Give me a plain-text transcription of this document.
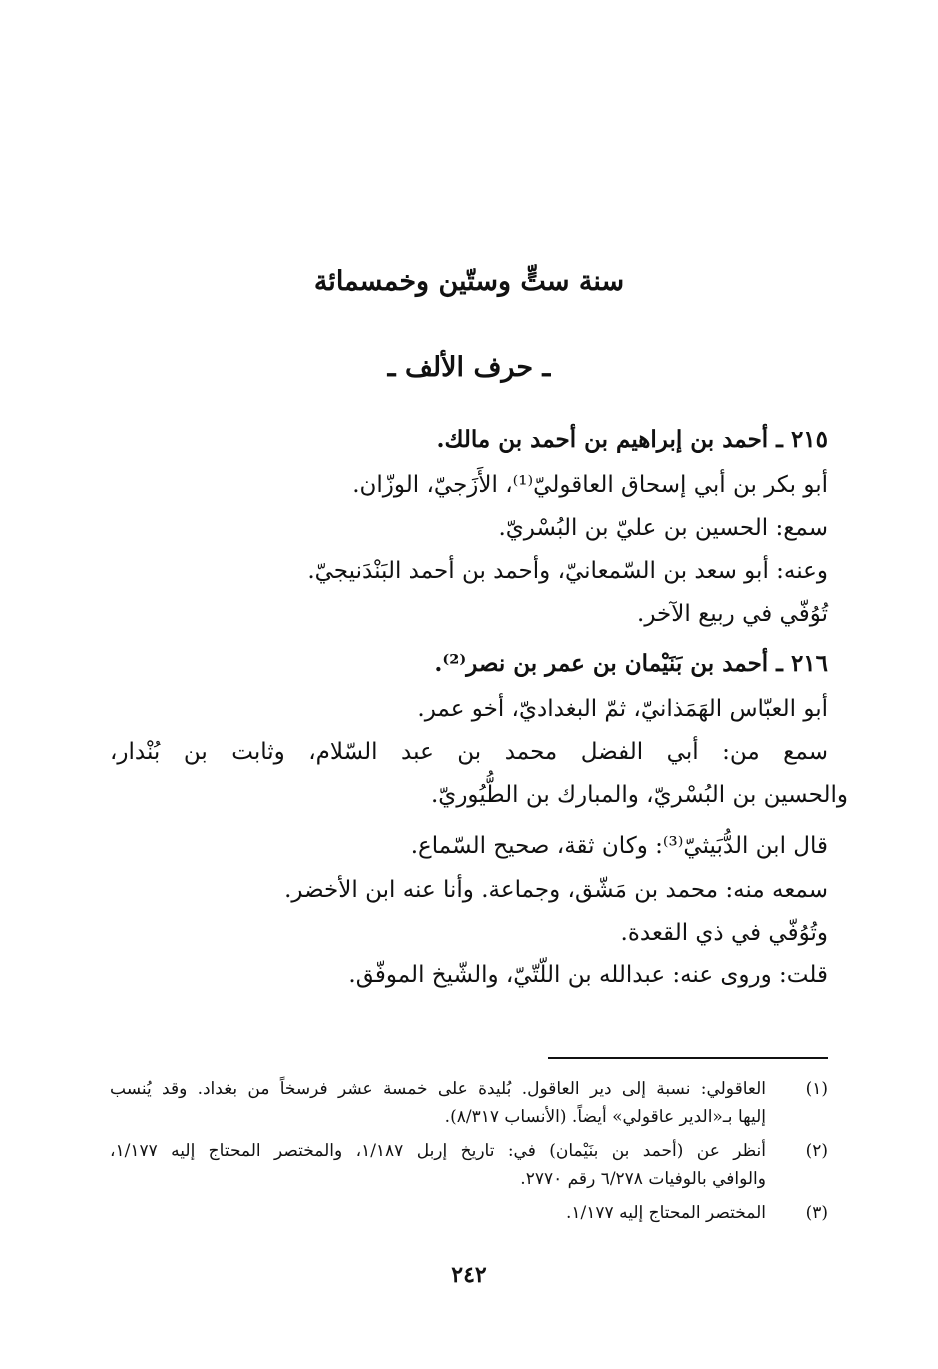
سنة ستٍّ وستّين وخمسمائة
ـ حرف الألف ـ
٢١٥ ـ أحمد بن إبراهيم بن أحمد بن مالك.
أبو بكر بن أبي إسحاق العاقوليّ⁽¹⁾، الأَزَجيّ، الوزّان.
سمع: الحسين بن عليّ بن البُسْريّ.
وعنه: أبو سعد بن السّمعانيّ، وأحمد بن أحمد البَنْدَنيجيّ.
تُوُفّي في ربيع الآخر.
٢١٦ ـ أحمد بن بَنَيْمان بن عمر بن نصر⁽²⁾.
أبو العبّاس الهَمَذانيّ، ثمّ البغداديّ، أخو عمر.
سمع من: أبي الفضل محمد بن عبد السّلام، وثابت بن بُنْدار،
والحسين بن البُسْريّ، والمبارك بن الطُّيُوريّ.
قال ابن الدُّبَيثيّ⁽³⁾: وكان ثقة، صحيح السّماع.
سمعه منه: محمد بن مَشّق، وجماعة. وأنا عنه ابن الأخضر.
وتُوُفّي في ذي القعدة.
قلت: وروى عنه: عبدالله بن اللّتّيّ، والشّيخ الموفّق.
(١)
العاقولي: نسبة إلى دير العاقول. بُليدة على خمسة عشر فرسخاً من بغداد. وقد يُنسب
إليها بـ«الدير عاقولي» أيضاً. (الأنساب ٨/٣١٧).
(٢)
أنظر عن (أحمد بن بنَيْمان) في: تاريخ إربل ١/١٨٧، والمختصر المحتاج إليه ١/١٧٧،
والوافي بالوفيات ٦/٢٧٨ رقم ٢٧٧٠.
(٣)
المختصر المحتاج إليه ١/١٧٧.
٢٤٢
